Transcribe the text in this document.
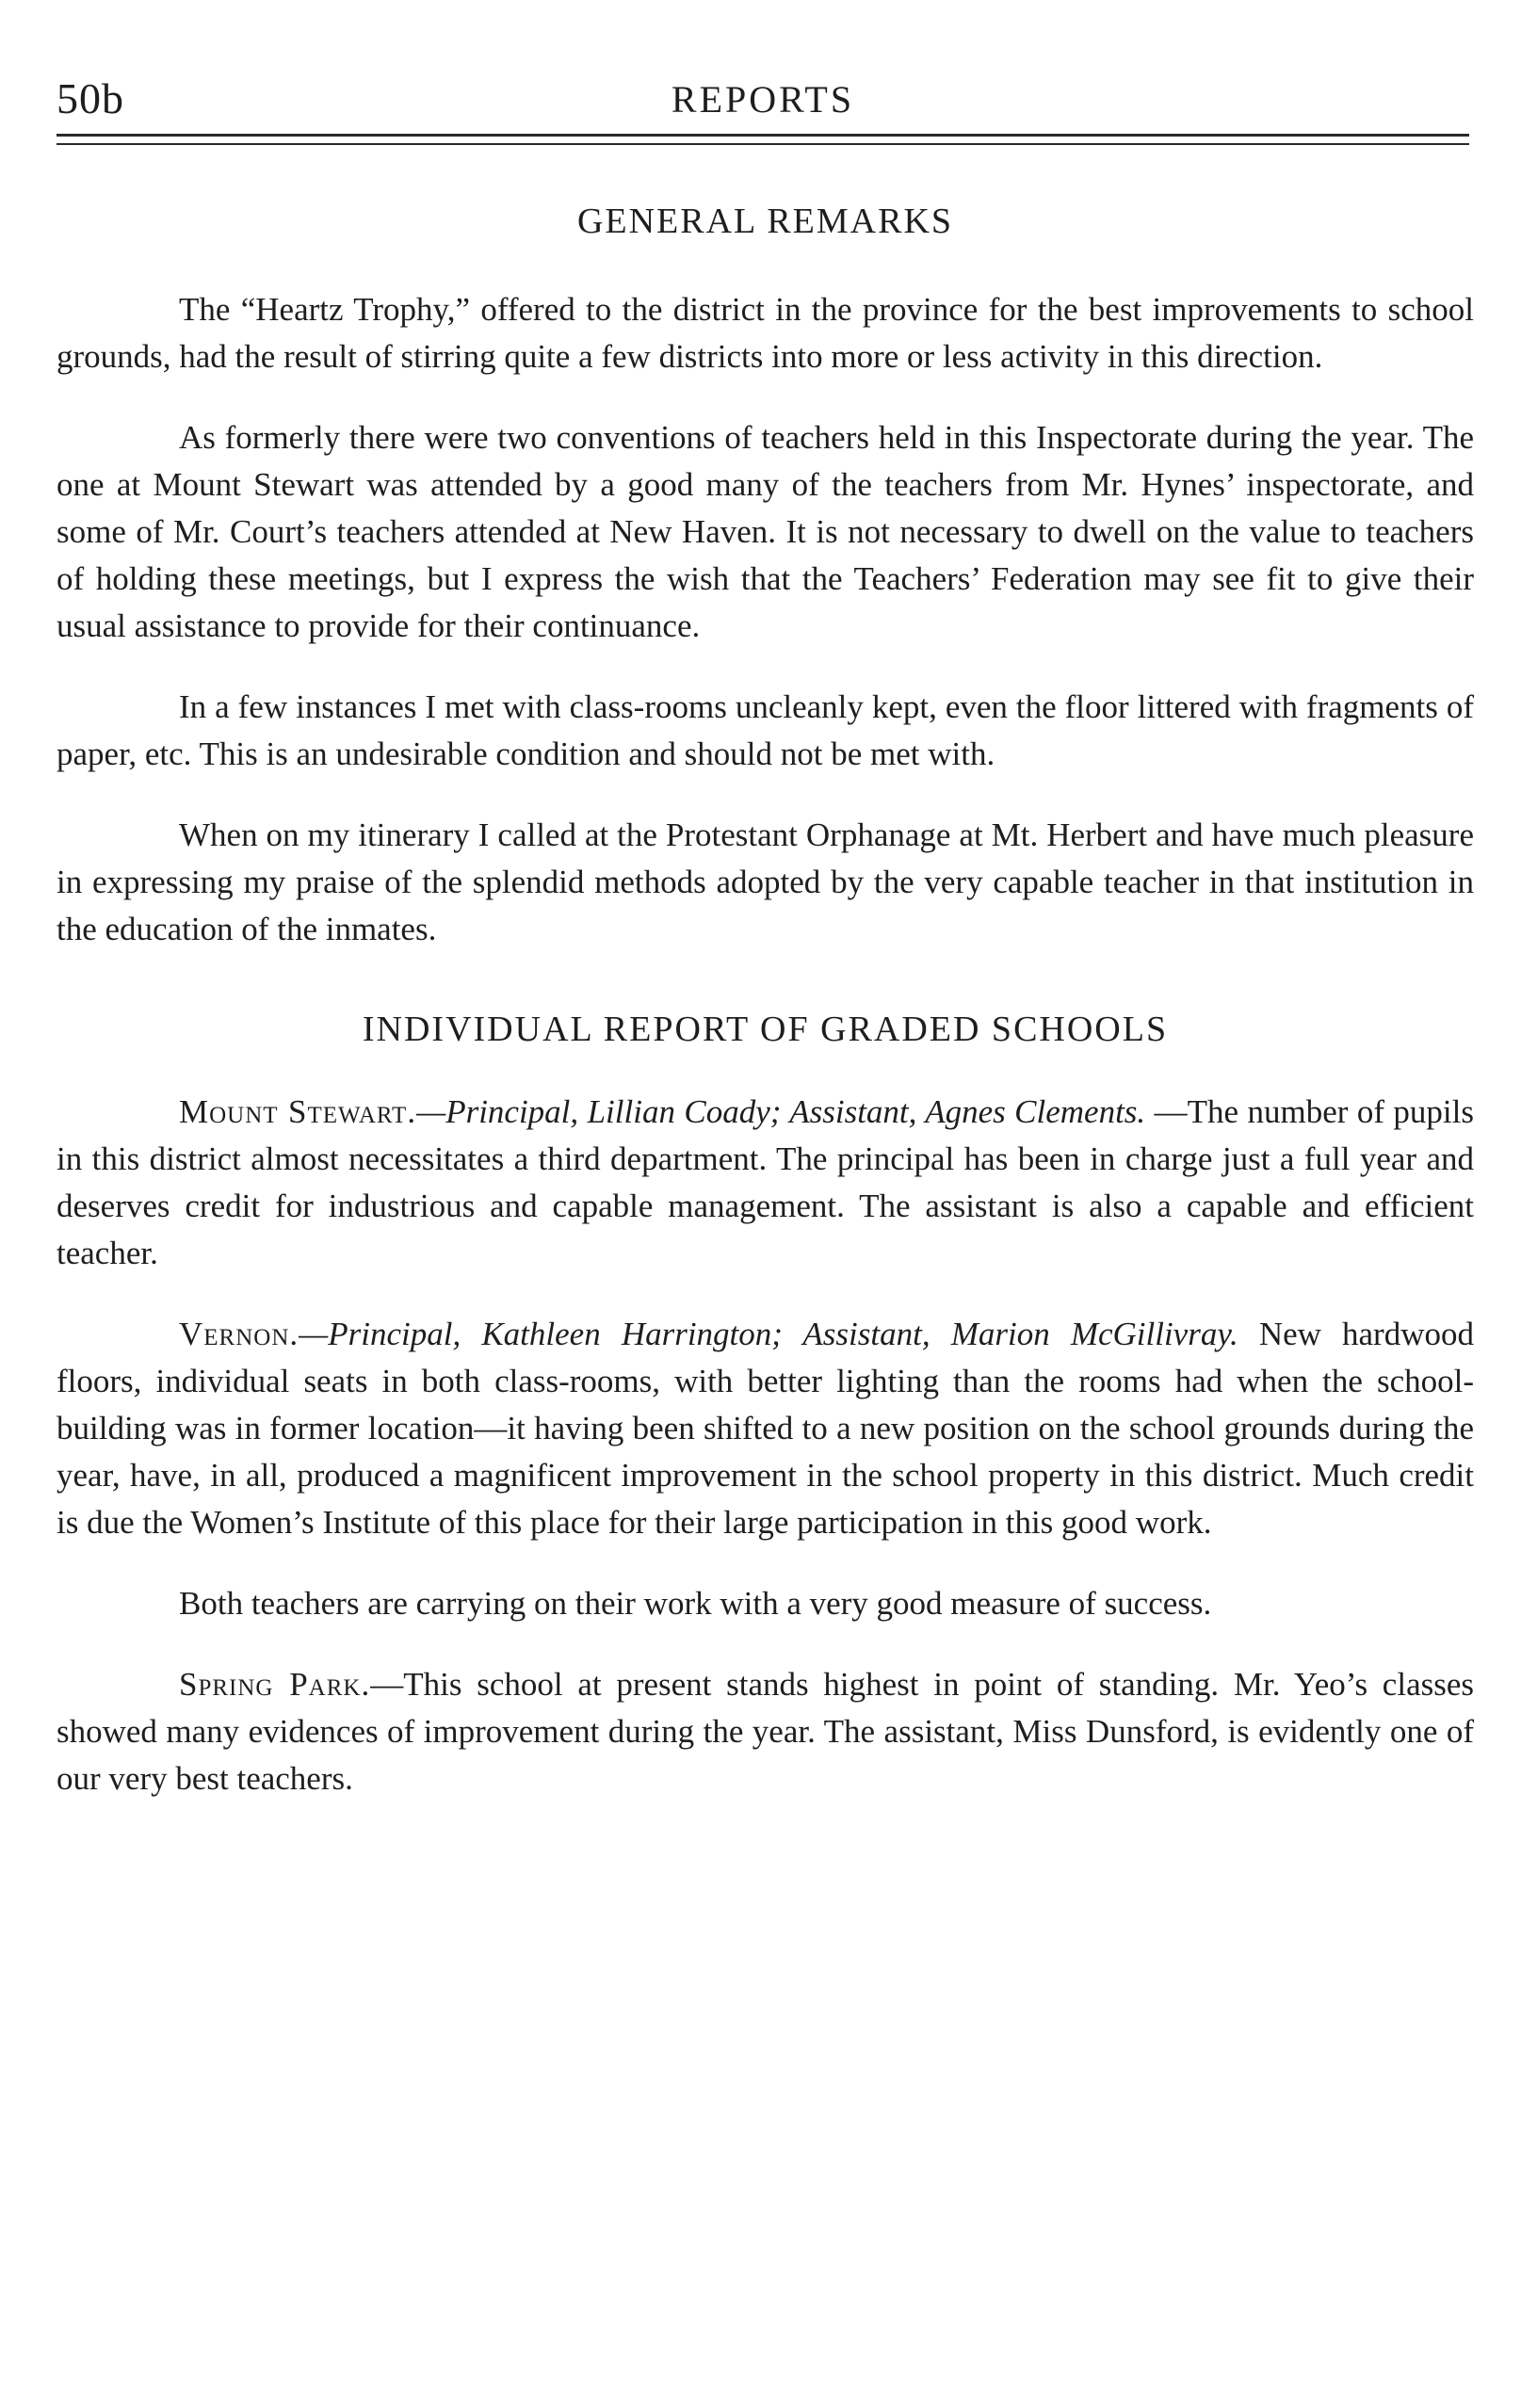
50b	REPORTS
GENERAL REMARKS

The “Heartz Trophy,” offered to the district in the province for the best improvements to school grounds, had the result of stirring quite a few districts into more or less activity in this direction.

As formerly there were two conventions of teachers held in this Inspectorate during the year. The one at Mount Stewart was attended by a good many of the teachers from Mr. Hynes’ inspectorate, and some of Mr. Court’s teachers attended at New Haven. It is not necessary to dwell on the value to teachers of holding these meetings, but I express the wish that the Teachers’ Federation may see fit to give their usual assistance to provide for their continuance.

In a few instances I met with class-rooms uncleanly kept, even the floor littered with fragments of paper, etc. This is an undesirable condition and should not be met with.

When on my itinerary I called at the Protestant Orphanage at Mt. Herbert and have much pleasure in expressing my praise of the splendid methods adopted by the very capable teacher in that institution in the education of the inmates.

INDIVIDUAL REPORT OF GRADED SCHOOLS

Mount Stewart.—Principal, Lillian Coady; Assistant, Agnes Clements. —The number of pupils in this district almost necessitates a third department. The principal has been in charge just a full year and deserves credit for industrious and capable management. The assistant is also a capable and efficient teacher.

Vernon.—Principal, Kathleen Harrington; Assistant, Marion McGillivray. New hardwood floors, individual seats in both class-rooms, with better lighting than the rooms had when the school-building was in former location—it having been shifted to a new position on the school grounds during the year, have, in all, produced a magnificent improvement in the school property in this district. Much credit is due the Women’s Institute of this place for their large participation in this good work.

Both teachers are carrying on their work with a very good measure of success.

Spring Park.—This school at present stands highest in point of standing. Mr. Yeo’s classes showed many evidences of improvement during the year. The assistant, Miss Dunsford, is evidently one of our very best teachers.
